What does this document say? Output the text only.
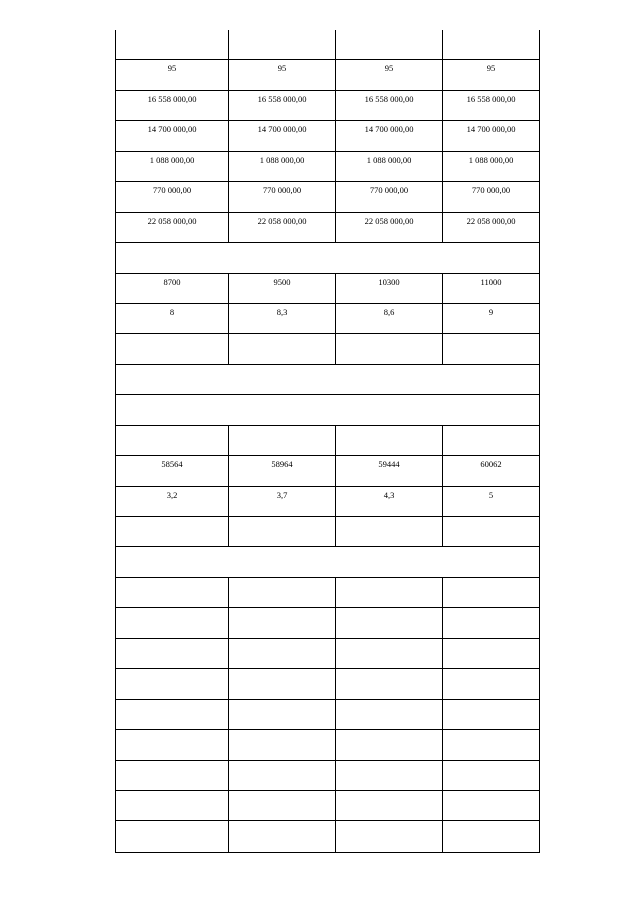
95	95	95	95
16 558 000,00	16 558 000,00	16 558 000,00	16 558 000,00
14 700 000,00	14 700 000,00	14 700 000,00	14 700 000,00
1 088 000,00	1 088 000,00	1 088 000,00	1 088 000,00
770 000,00	770 000,00	770 000,00	770 000,00
22 058 000,00	22 058 000,00	22 058 000,00	22 058 000,00
8700	9500	10300	11000
8	8,3	8,6	9
58564	58964	59444	60062
3,2	3,7	4,3	5
